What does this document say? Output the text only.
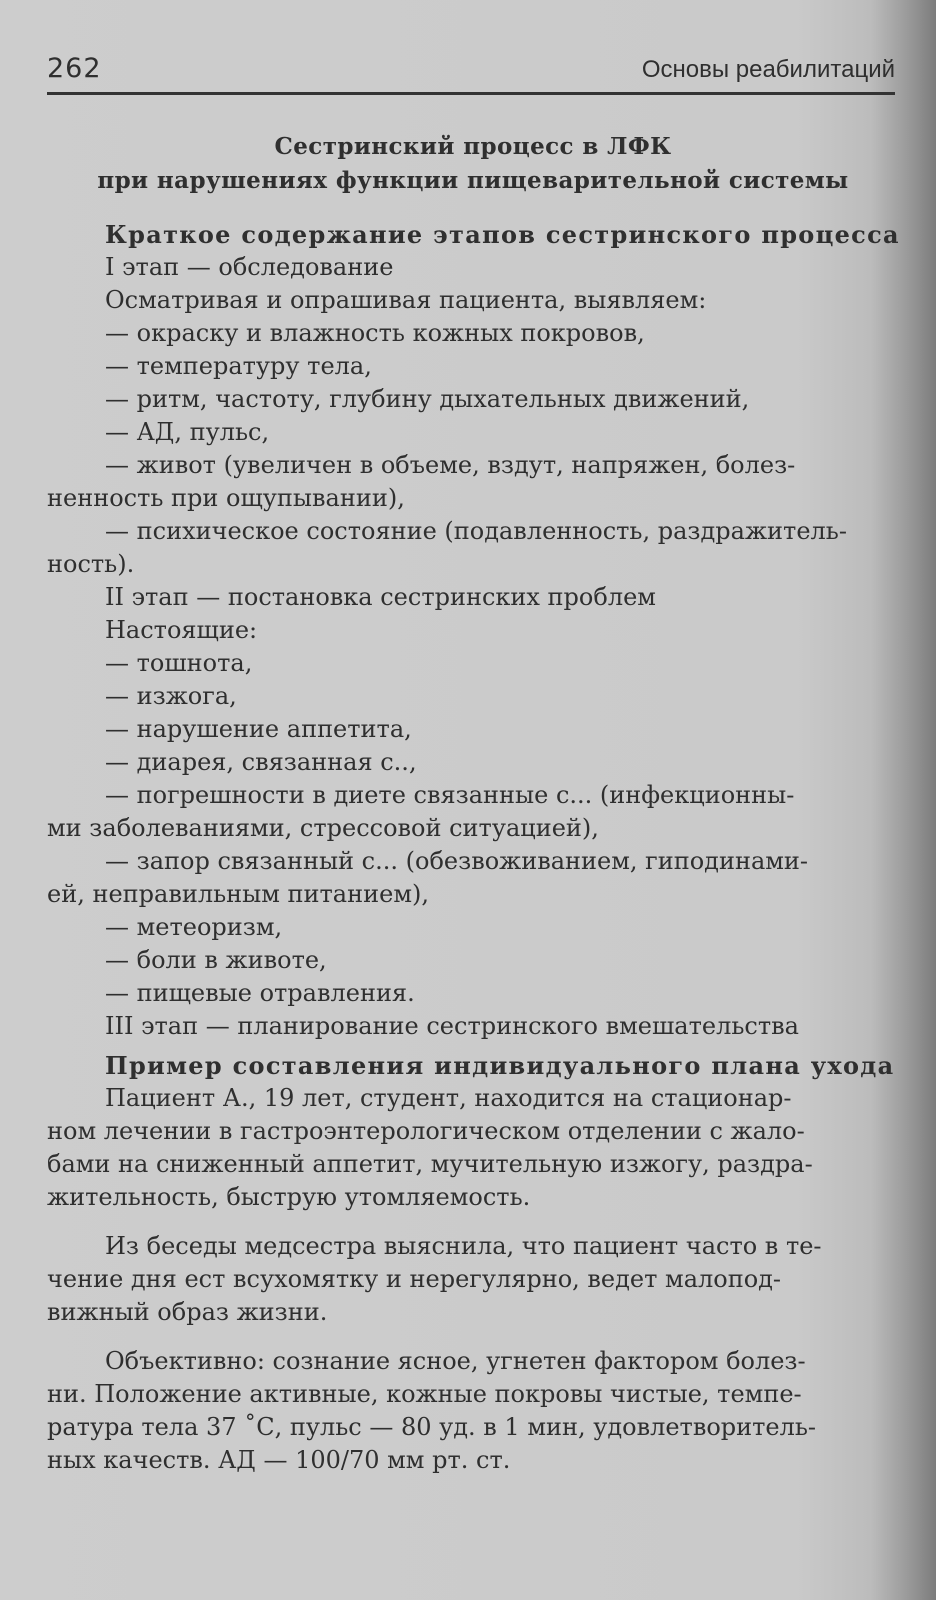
262	Основы реабилитаций
Сестринский процесс в ЛФК
при нарушениях функции пищеварительной системы
Краткое содержание этапов сестринского процесса
I этап — обследование
Осматривая и опрашивая пациента, выявляем:
— окраску и влажность кожных покровов,
— температуру тела,
— ритм, частоту, глубину дыхательных движений,
— АД, пульс,
— живот (увеличен в объеме, вздут, напряжен, болез-
ненность при ощупывании),
— психическое состояние (подавленность, раздражитель-
ность).
II этап — постановка сестринских проблем
Настоящие:
— тошнота,
— изжога,
— нарушение аппетита,
— диарея, связанная с..,
— погрешности в диете связанные с... (инфекционны-
ми заболеваниями, стрессовой ситуацией),
— запор связанный с... (обезвоживанием, гиподинами-
ей, неправильным питанием),
— метеоризм,
— боли в животе,
— пищевые отравления.
III этап — планирование сестринского вмешательства
Пример составления индивидуального плана ухода
Пациент А., 19 лет, студент, находится на стационар-
ном лечении в гастроэнтерологическом отделении с жало-
бами на сниженный аппетит, мучительную изжогу, раздра-
жительность, быструю утомляемость.
Из беседы медсестра выяснила, что пациент часто в те-
чение дня ест всухомятку и нерегулярно, ведет малопод-
вижный образ жизни.
Объективно: сознание ясное, угнетен фактором болез-
ни. Положение активные, кожные покровы чистые, темпе-
ратура тела 37 ˚С, пульс — 80 уд. в 1 мин, удовлетворитель-
ных качеств. АД — 100/70 мм рт. ст.
